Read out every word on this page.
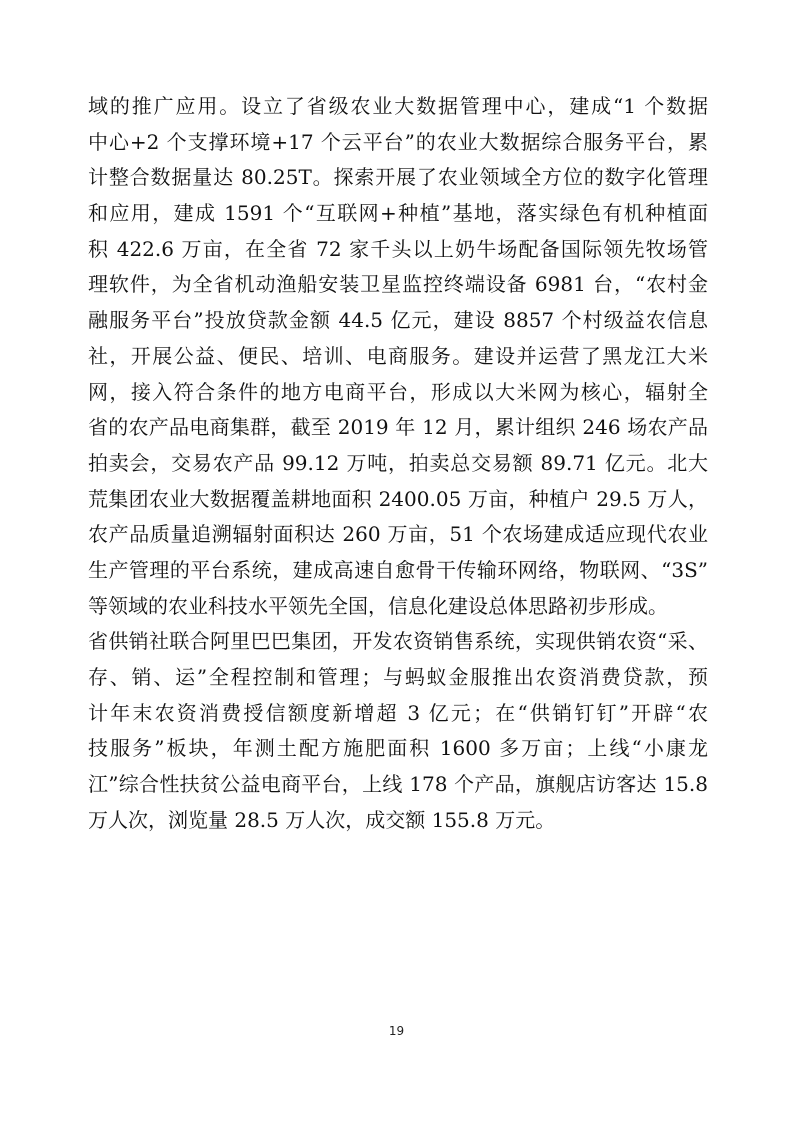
域的推广应用。设立了省级农业大数据管理中心，建成“1 个数据
中心+2 个支撑环境+17 个云平台”的农业大数据综合服务平台，累
计整合数据量达 80.25T。探索开展了农业领域全方位的数字化管理
和应用，建成 1591 个“互联网+种植”基地，落实绿色有机种植面
积 422.6 万亩，在全省 72 家千头以上奶牛场配备国际领先牧场管
理软件，为全省机动渔船安装卫星监控终端设备 6981 台，“农村金
融服务平台”投放贷款金额 44.5 亿元，建设 8857 个村级益农信息
社，开展公益、便民、培训、电商服务。建设并运营了黑龙江大米
网，接入符合条件的地方电商平台，形成以大米网为核心，辐射全
省的农产品电商集群，截至 2019 年 12 月，累计组织 246 场农产品
拍卖会，交易农产品 99.12 万吨，拍卖总交易额 89.71 亿元。北大
荒集团农业大数据覆盖耕地面积 2400.05 万亩，种植户 29.5 万人，
农产品质量追溯辐射面积达 260 万亩，51 个农场建成适应现代农业
生产管理的平台系统，建成高速自愈骨干传输环网络，物联网、“3S”
等领域的农业科技水平领先全国，信息化建设总体思路初步形成。
省供销社联合阿里巴巴集团，开发农资销售系统，实现供销农资“采、
存、销、运”全程控制和管理；与蚂蚁金服推出农资消费贷款，预
计年末农资消费授信额度新增超 3 亿元；在“供销钉钉”开辟“农
技服务”板块，年测土配方施肥面积 1600 多万亩；上线“小康龙
江”综合性扶贫公益电商平台，上线 178 个产品，旗舰店访客达 15.8
万人次，浏览量 28.5 万人次，成交额 155.8 万元。
19
